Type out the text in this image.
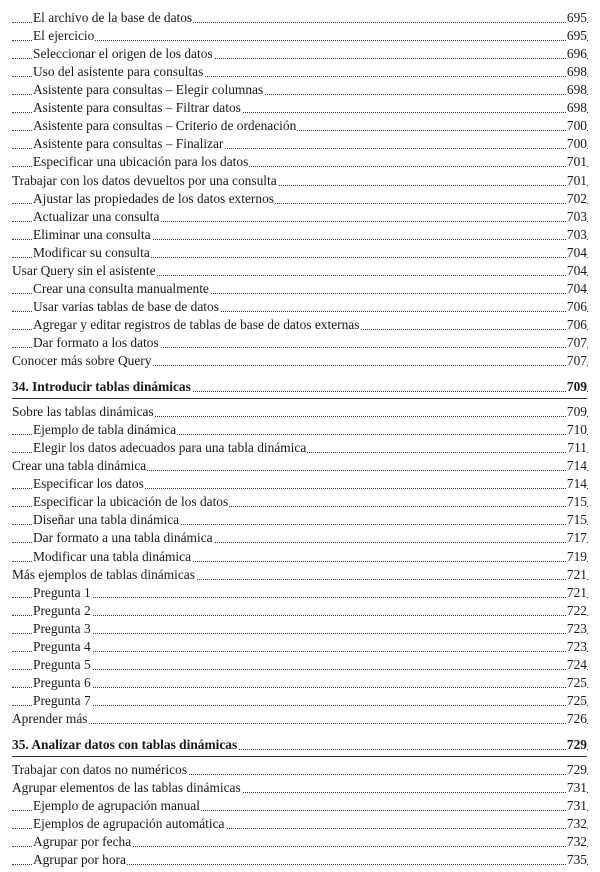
El archivo de la base de datos	695
El ejercicio	695
Seleccionar el origen de los datos	696
Uso del asistente para consultas	698
Asistente para consultas – Elegir columnas	698
Asistente para consultas – Filtrar datos	698
Asistente para consultas – Criterio de ordenación	700
Asistente para consultas – Finalizar	700
Especificar una ubicación para los datos	701
Trabajar con los datos devueltos por una consulta	701
Ajustar las propiedades de los datos externos	702
Actualizar una consulta	703
Eliminar una consulta	703
Modificar su consulta	704
Usar Query sin el asistente	704
Crear una consulta manualmente	704
Usar varias tablas de base de datos	706
Agregar y editar registros de tablas de base de datos externas	706
Dar formato a los datos	707
Conocer más sobre Query	707
34. Introducir tablas dinámicas	709
Sobre las tablas dinámicas	709
Ejemplo de tabla dinámica	710
Elegir los datos adecuados para una tabla dinámica	711
Crear una tabla dinámica	714
Especificar los datos	714
Especificar la ubicación de los datos	715
Diseñar una tabla dinámica	715
Dar formato a una tabla dinámica	717
Modificar una tabla dinámica	719
Más ejemplos de tablas dinámicas	721
Pregunta 1	721
Pregunta 2	722
Pregunta 3	723
Pregunta 4	723
Pregunta 5	724
Pregunta 6	725
Pregunta 7	725
Aprender más	726
35. Analizar datos con tablas dinámicas	729
Trabajar con datos no numéricos	729
Agrupar elementos de las tablas dinámicas	731
Ejemplo de agrupación manual	731
Ejemplos de agrupación automática	732
Agrupar por fecha	732
Agrupar por hora	735
